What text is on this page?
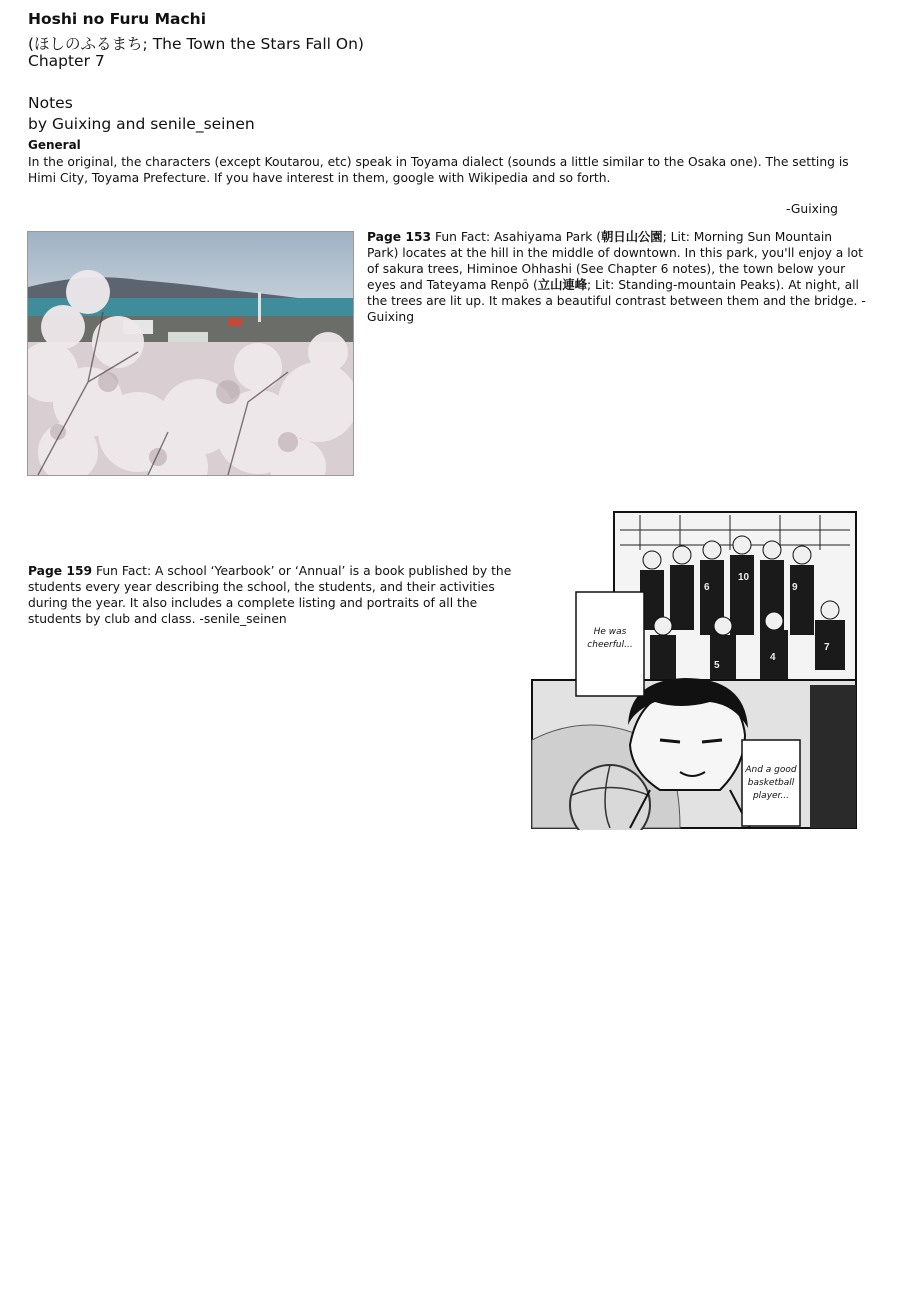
Hoshi no Furu Machi
(ほしのふるまち; The Town the Stars Fall On)
Chapter 7
Notes
by Guixing and senile_seinen
General
In the original, the characters (except Koutarou, etc) speak in Toyama dialect (sounds a little similar to the Osaka one). The setting is Himi City, Toyama Prefecture. If you have interest in them, google with Wikipedia and so forth.
-Guixing
Page 153 Fun Fact: Asahiyama Park (朝日山公園; Lit: Morning Sun Mountain Park) locates at the hill in the middle of downtown. In this park, you'll enjoy a lot of sakura trees, Himinoe Ohhashi (See Chapter 6 notes), the town below your eyes and Tateyama Renpō (立山連峰; Lit: Standing-mountain Peaks). At night, all the trees are lit up. It makes a beautiful contrast between them and the bridge. - Guixing
Page 159 Fun Fact: A school ‘Yearbook’ or ‘Annual’ is a book published by the students every year describing the school, the students, and their activities during the year. It also includes a complete listing and portraits of all the students by club and class. -senile_seinen
6
10
9
4
7
5
He was cheerful...
And a good basketball player...
